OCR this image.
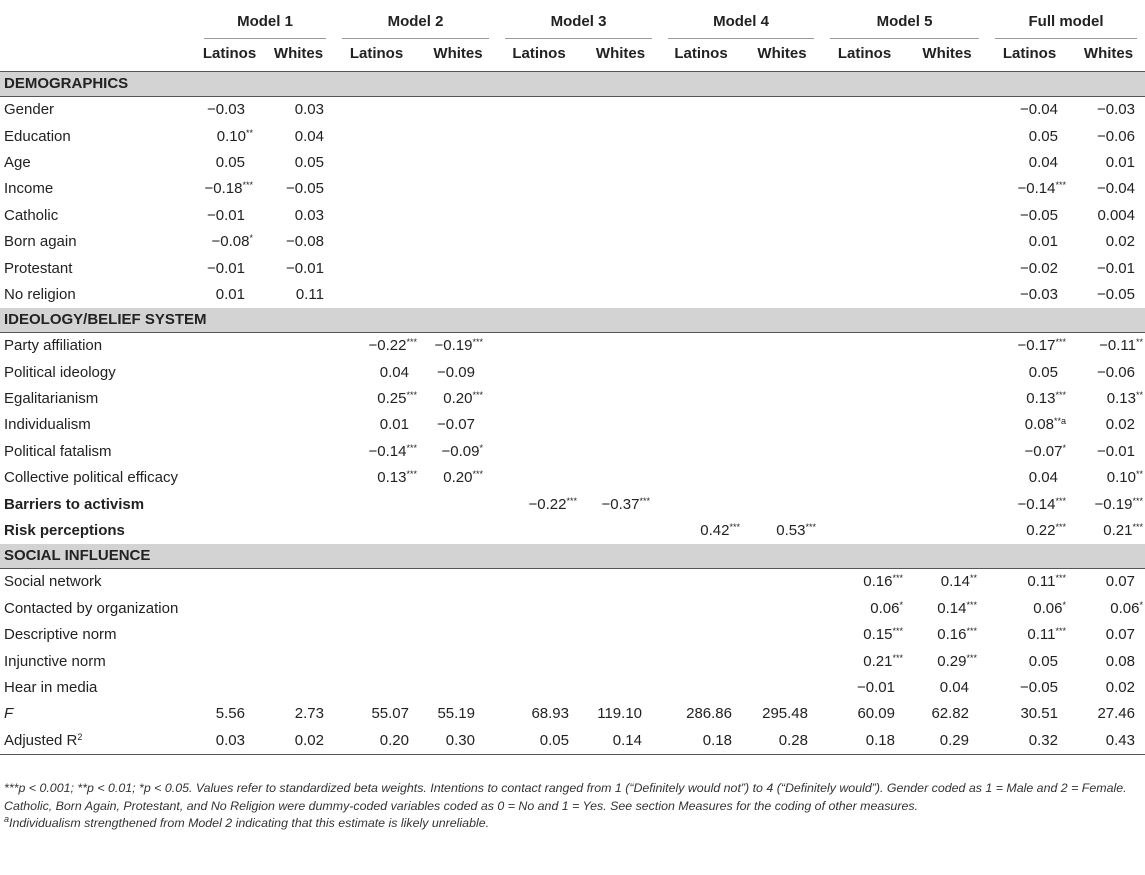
	Model 1		Model 2		Model 3		Model 4		Model 5		Full model	

	Latinos	Whites	Latinos	Whites	Latinos	Whites	Latinos	Whites	Latinos	Whites	Latinos	Whites
DEMOGRAPHICS												
Gender	−0.03	0.03									−0.04	−0.03
Education	0.10**	0.04									0.05	−0.06
Age	0.05	0.05									0.04	0.01
Income	−0.18***	−0.05									−0.14***	−0.04
Catholic	−0.01	0.03									−0.05	0.004
Born again	−0.08*	−0.08									0.01	0.02
Protestant	−0.01	−0.01									−0.02	−0.01
No religion	0.01	0.11									−0.03	−0.05
IDEOLOGY/BELIEF SYSTEM												
Party affiliation			−0.22***	−0.19***							−0.17***	−0.11**
Political ideology			0.04	−0.09							0.05	−0.06
Egalitarianism			0.25***	0.20***							0.13***	0.13**
Individualism			0.01	−0.07							0.08$^{**a}$	0.02
Political fatalism			−0.14***	−0.09*							−0.07*	−0.01
Collective political efficacy			0.13***	0.20***							0.04	0.10**
Barriers to activism					−0.22***	−0.37***					−0.14***	−0.19***
Risk perceptions							0.42***	0.53***			0.22***	0.21***
SOCIAL INFLUENCE												
Social network									0.16***	0.14**	0.11***	0.07
Contacted by organization									0.06*	0.14***	0.06*	0.06*
Descriptive norm									0.15***	0.16***	0.11***	0.07
Injunctive norm									0.21***	0.29***	0.05	0.08
Hear in media									−0.01	0.04	−0.05	0.02
F	5.56	2.73	55.07	55.19	68.93	119.10	286.86	295.48	60.09	62.82	30.51	27.46
Adjusted $R^2$	0.03	0.02	0.20	0.30	0.05	0.14	0.18	0.28	0.18	0.29	0.32	0.43

***p < 0.001; **p < 0.01; *p < 0.05. Values refer to standardized beta weights. Intentions to contact ranged from 1 (“Definitely would not”) to 4 (“Definitely would”). Gender coded as 1 = Male and 2 = Female. Catholic, Born Again, Protestant, and No Religion were dummy-coded variables coded as 0 = No and 1 = Yes. See section Measures for the coding of other measures.

$^a$Individualism strengthened from Model 2 indicating that this estimate is likely unreliable.
